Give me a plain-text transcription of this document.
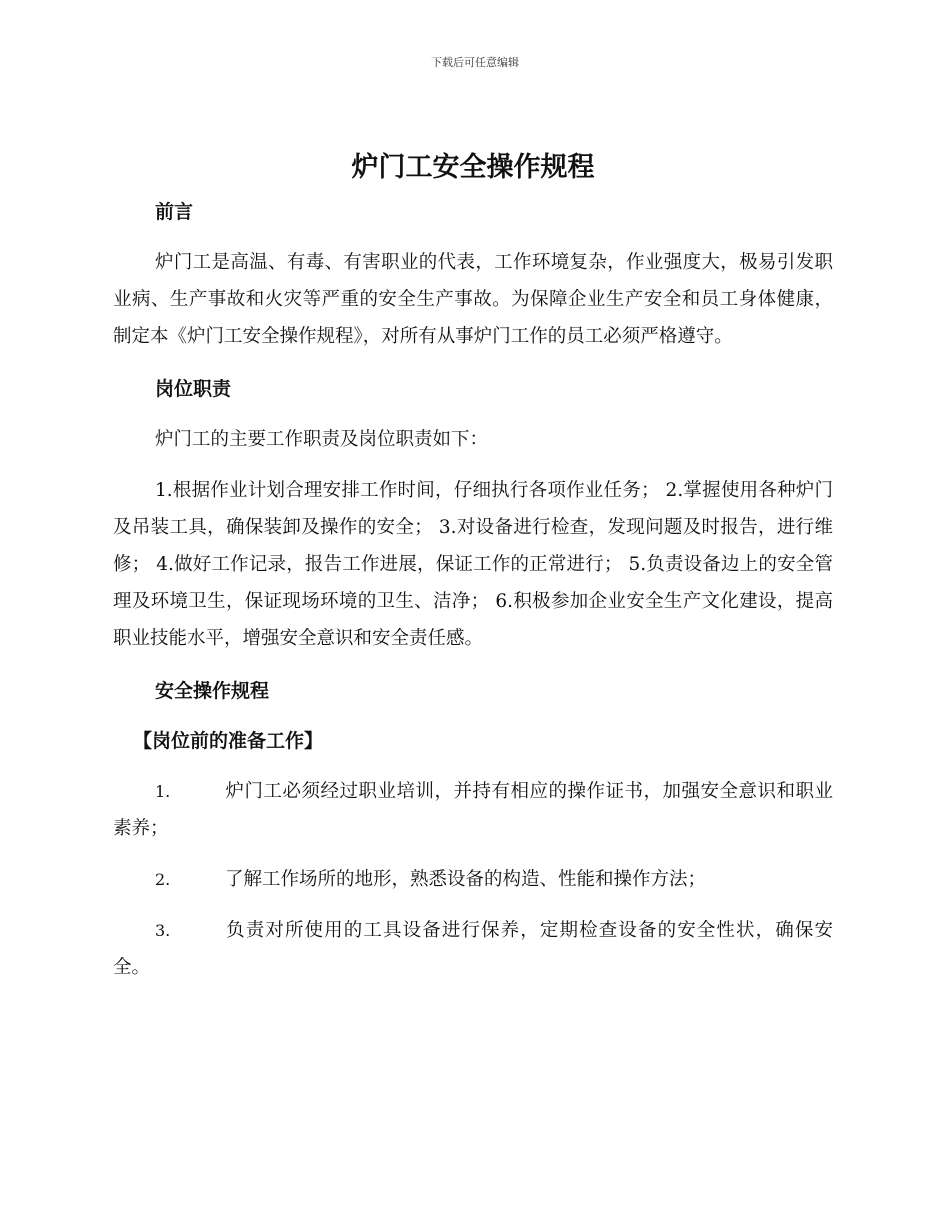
下载后可任意编辑
炉门工安全操作规程
前言

炉门工是高温、有毒、有害职业的代表，工作环境复杂，作业强度大，极易引发职业病、生产事故和火灾等严重的安全生产事故。为保障企业生产安全和员工身体健康，制定本《炉门工安全操作规程》，对所有从事炉门工作的员工必须严格遵守。

岗位职责

炉门工的主要工作职责及岗位职责如下：

1.根据作业计划合理安排工作时间，仔细执行各项作业任务； 2.掌握使用各种炉门及吊装工具，确保装卸及操作的安全； 3.对设备进行检查，发现问题及时报告，进行维修； 4.做好工作记录，报告工作进展，保证工作的正常进行； 5.负责设备边上的安全管理及环境卫生，保证现场环境的卫生、洁净； 6.积极参加企业安全生产文化建设，提高职业技能水平，增强安全意识和安全责任感。

安全操作规程
【岗位前的准备工作】

1.	炉门工必须经过职业培训，并持有相应的操作证书，加强安全意识和职业素养；

2.	了解工作场所的地形，熟悉设备的构造、性能和操作方法；

3.	负责对所使用的工具设备进行保养，定期检查设备的安全性状，确保安全。
